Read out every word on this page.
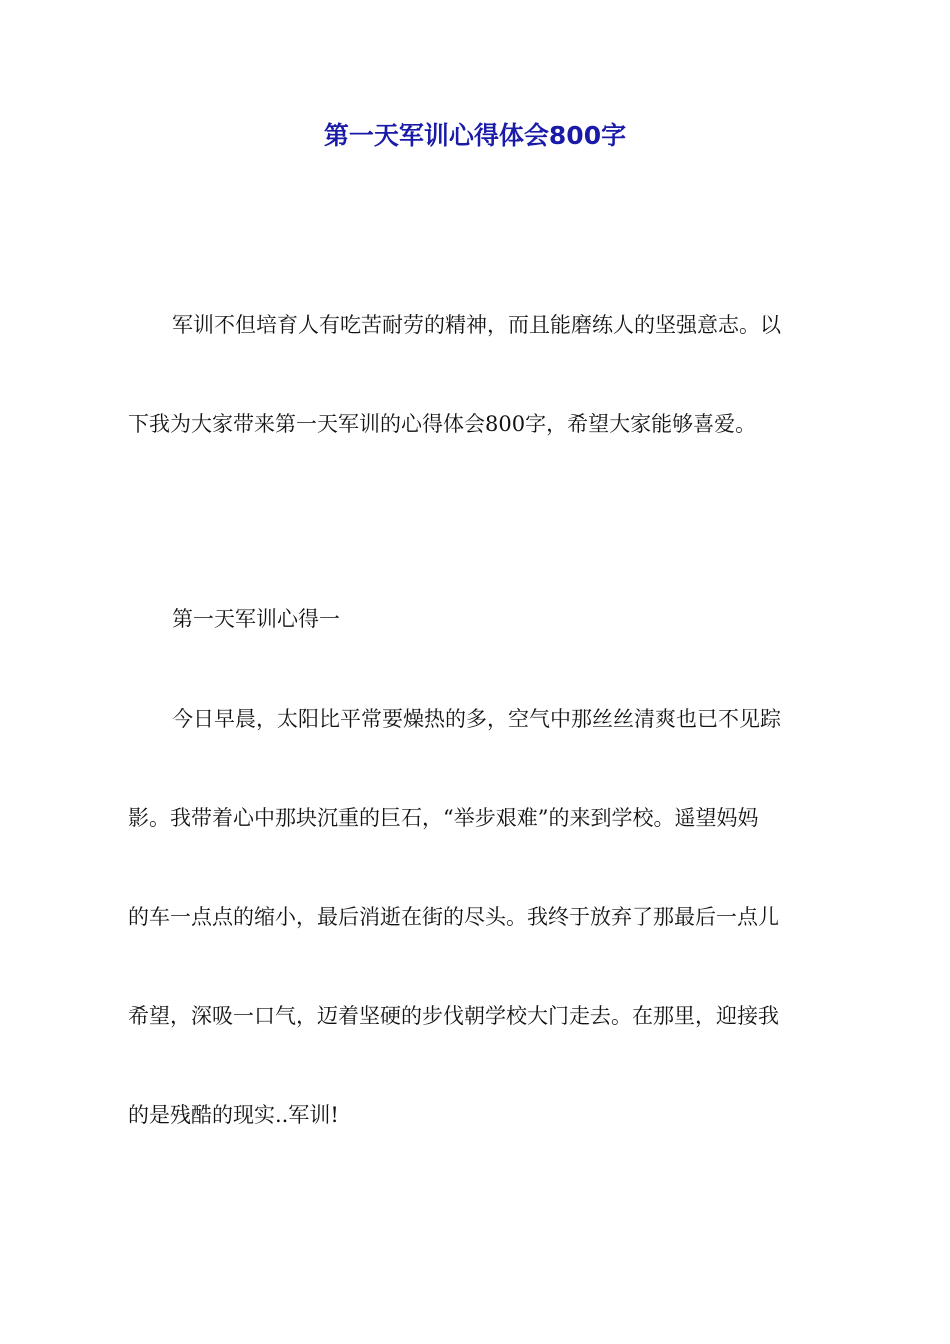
第一天军训心得体会800字
军训不但培育人有吃苦耐劳的精神，而且能磨练人的坚强意志。以
下我为大家带来第一天军训的心得体会800字，希望大家能够喜爱。
第一天军训心得一
今日早晨，太阳比平常要燥热的多，空气中那丝丝清爽也已不见踪
影。我带着心中那块沉重的巨石，“举步艰难”的来到学校。遥望妈妈
的车一点点的缩小，最后消逝在街的尽头。我终于放弃了那最后一点儿
希望，深吸一口气，迈着坚硬的步伐朝学校大门走去。在那里，迎接我
的是残酷的现实..军训!
